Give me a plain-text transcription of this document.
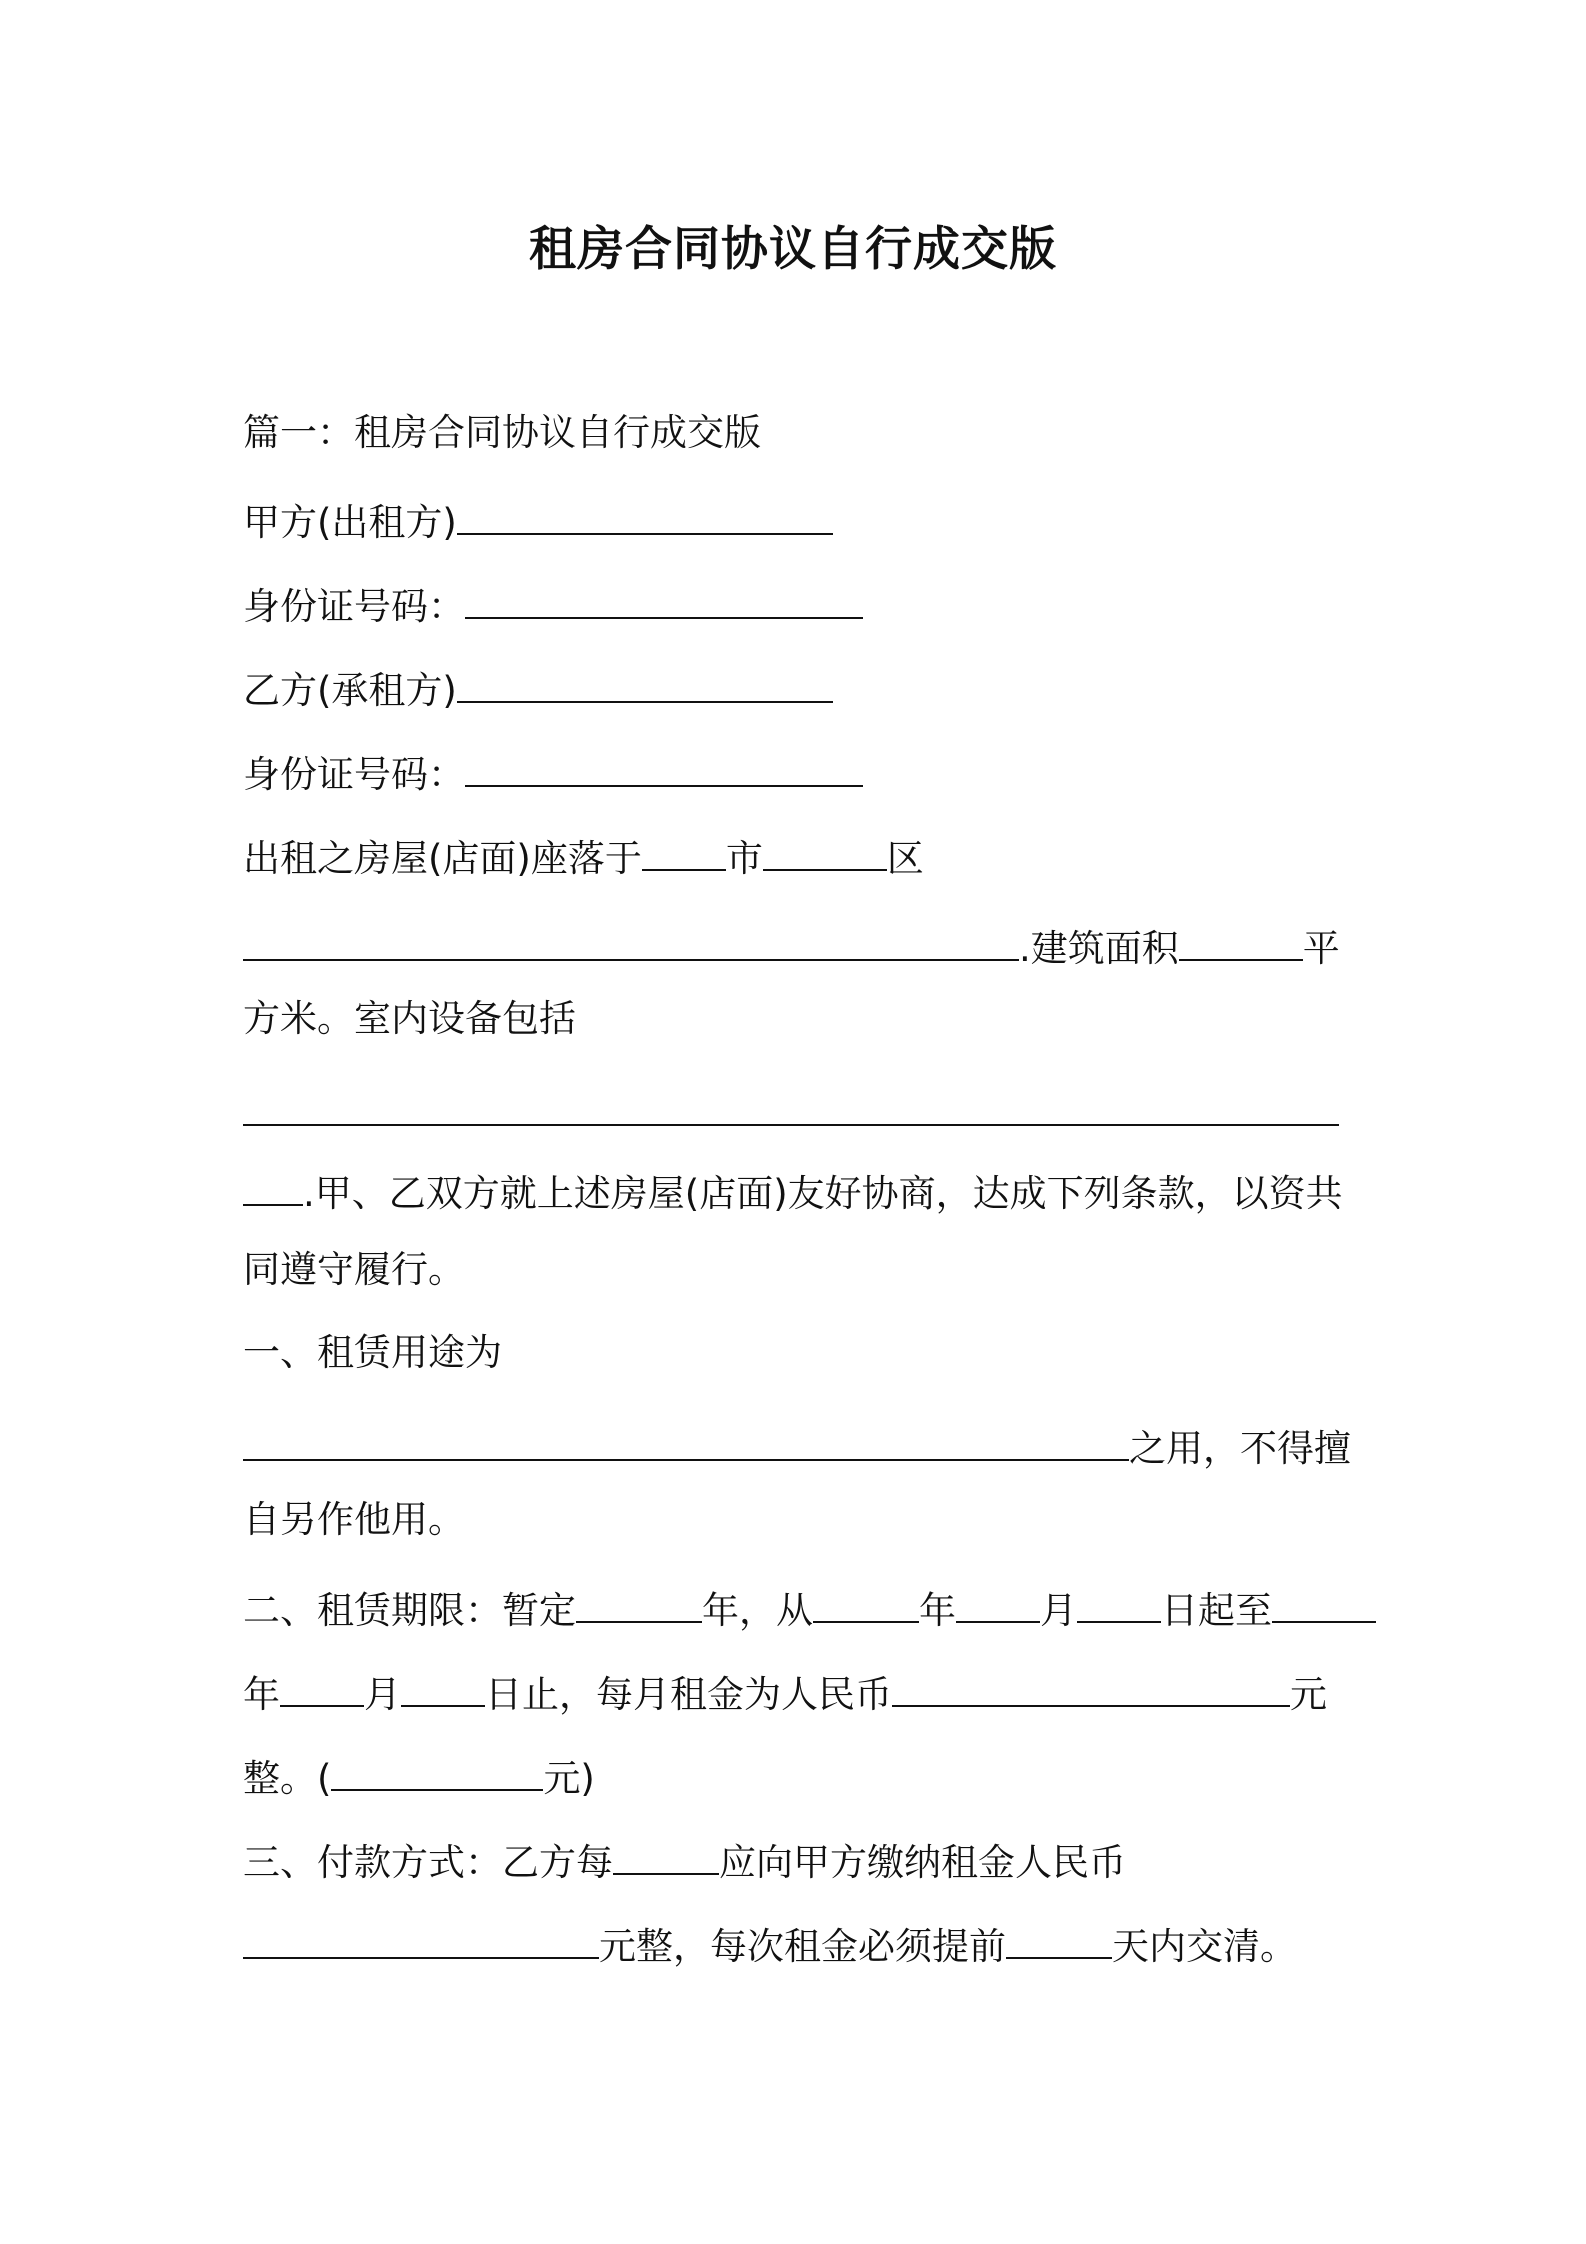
租房合同协议自行成交版
篇一：租房合同协议自行成交版
甲方(出租方)
身份证号码：
乙方(承租方)
身份证号码：
出租之房屋(店面)座落于 市	区
.建筑面积	平
方米。室内设备包括
.甲、乙双方就上述房屋(店面)友好协商，达成下列条款，以资共
同遵守履行。
一、租赁用途为
之用，不得擅
自另作他用。
二、租赁期限：暂定	年，从	年 月 日起至
年 月 日止，每月租金为人民币	元
整。(	元)
三、付款方式：乙方每	应向甲方缴纳租金人民币
元整，每次租金必须提前	天内交清。
